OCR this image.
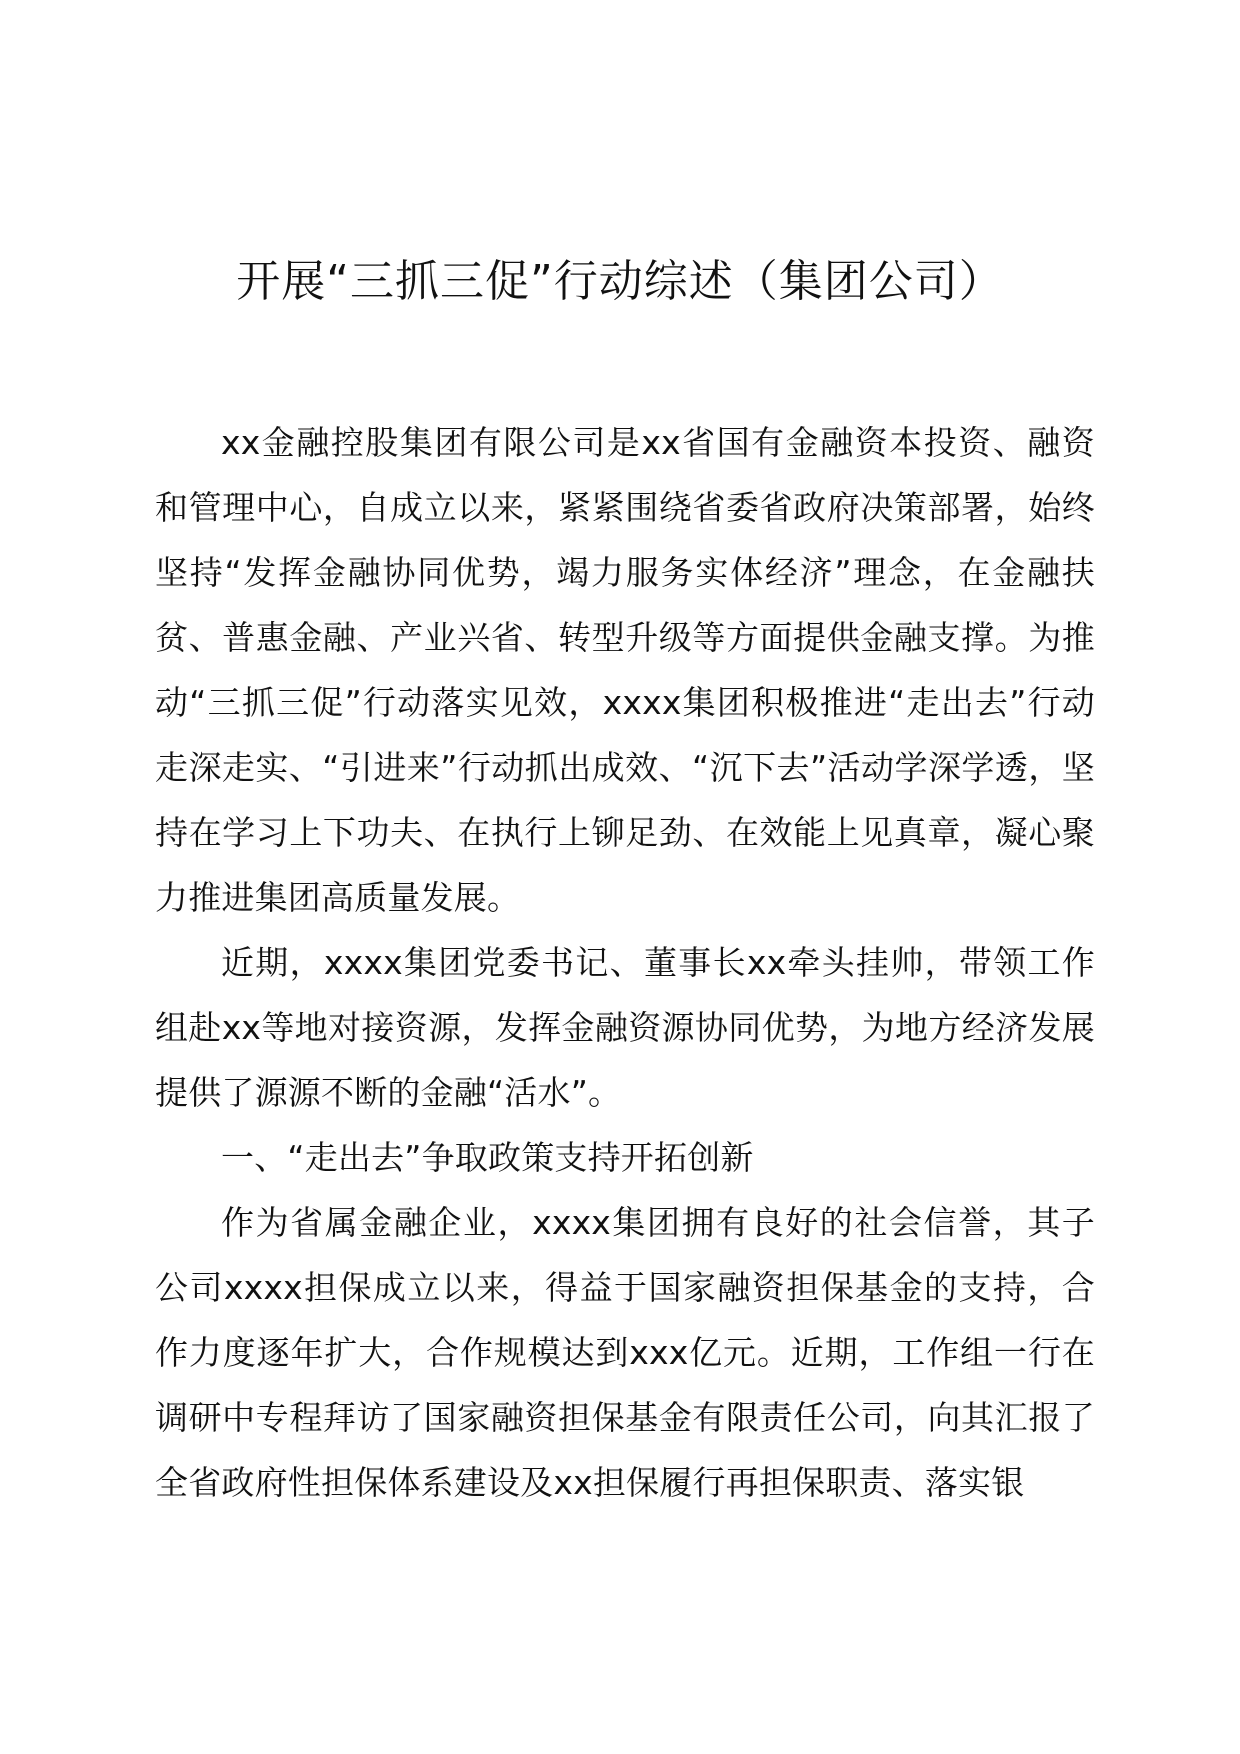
开展“三抓三促”行动综述（集团公司）

xx金融控股集团有限公司是xx省国有金融资本投资、融资和管理中心，自成立以来，紧紧围绕省委省政府决策部署，始终坚持“发挥金融协同优势，竭力服务实体经济”理念，在金融扶贫、普惠金融、产业兴省、转型升级等方面提供金融支撑。为推动“三抓三促”行动落实见效，xxxx集团积极推进“走出去”行动走深走实、“引进来”行动抓出成效、“沉下去”活动学深学透，坚持在学习上下功夫、在执行上铆足劲、在效能上见真章，凝心聚力推进集团高质量发展。

近期，xxxx集团党委书记、董事长xx牵头挂帅，带领工作组赴xx等地对接资源，发挥金融资源协同优势，为地方经济发展提供了源源不断的金融“活水”。

一、“走出去”争取政策支持开拓创新

作为省属金融企业，xxxx集团拥有良好的社会信誉，其子公司xxxx担保成立以来，得益于国家融资担保基金的支持，合作力度逐年扩大，合作规模达到xxx亿元。近期，工作组一行在调研中专程拜访了国家融资担保基金有限责任公司，向其汇报了全省政府性担保体系建设及xx担保履行再担保职责、落实银
